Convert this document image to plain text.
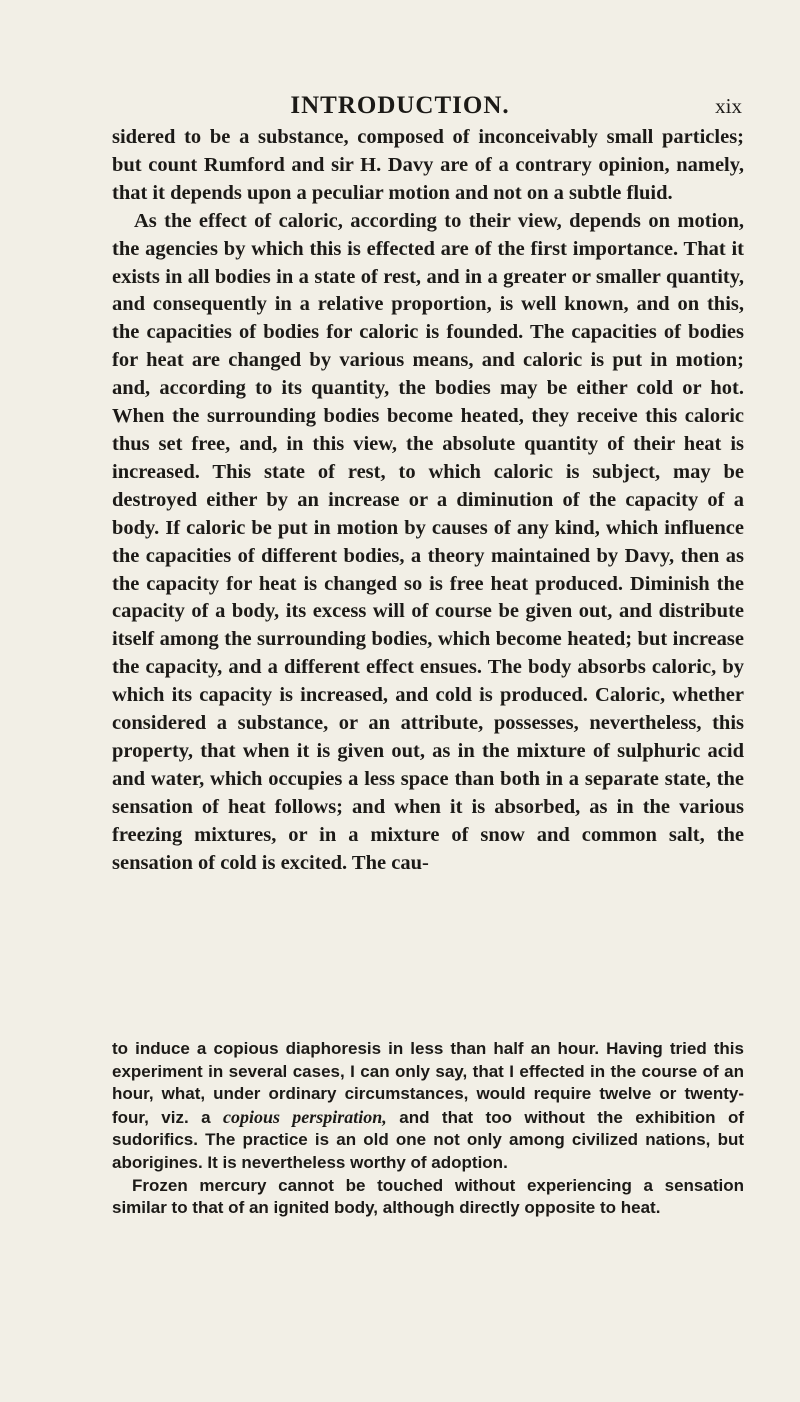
INTRODUCTION.	xix

sidered to be a substance, composed of inconceivably small particles; but count Rumford and sir H. Davy are of a contrary opinion, namely, that it depends upon a peculiar motion and not on a subtle fluid.

As the effect of caloric, according to their view, depends on motion, the agencies by which this is effected are of the first importance. That it exists in all bodies in a state of rest, and in a greater or smaller quantity, and consequently in a relative proportion, is well known, and on this, the capacities of bodies for caloric is founded. The capacities of bodies for heat are changed by various means, and caloric is put in motion; and, according to its quantity, the bodies may be either cold or hot. When the surrounding bodies become heated, they receive this caloric thus set free, and, in this view, the absolute quantity of their heat is increased. This state of rest, to which caloric is subject, may be destroyed either by an increase or a diminution of the capacity of a body. If caloric be put in motion by causes of any kind, which influence the capacities of different bodies, a theory maintained by Davy, then as the capacity for heat is changed so is free heat produced. Diminish the capacity of a body, its excess will of course be given out, and distribute itself among the surrounding bodies, which become heated; but increase the capacity, and a different effect ensues. The body absorbs caloric, by which its capacity is increased, and cold is produced. Caloric, whether considered a substance, or an attribute, possesses, nevertheless, this property, that when it is given out, as in the mixture of sulphuric acid and water, which occupies a less space than both in a separate state, the sensation of heat follows; and when it is absorbed, as in the various freezing mixtures, or in a mixture of snow and common salt, the sensation of cold is excited. The cau-

to induce a copious diaphoresis in less than half an hour. Having tried this experiment in several cases, I can only say, that I effected in the course of an hour, what, under ordinary circumstances, would require twelve or twenty-four, viz. a copious perspiration, and that too without the exhibition of sudorifics. The practice is an old one not only among civilized nations, but aborigines. It is nevertheless worthy of adoption.

Frozen mercury cannot be touched without experiencing a sensation similar to that of an ignited body, although directly opposite to heat.
